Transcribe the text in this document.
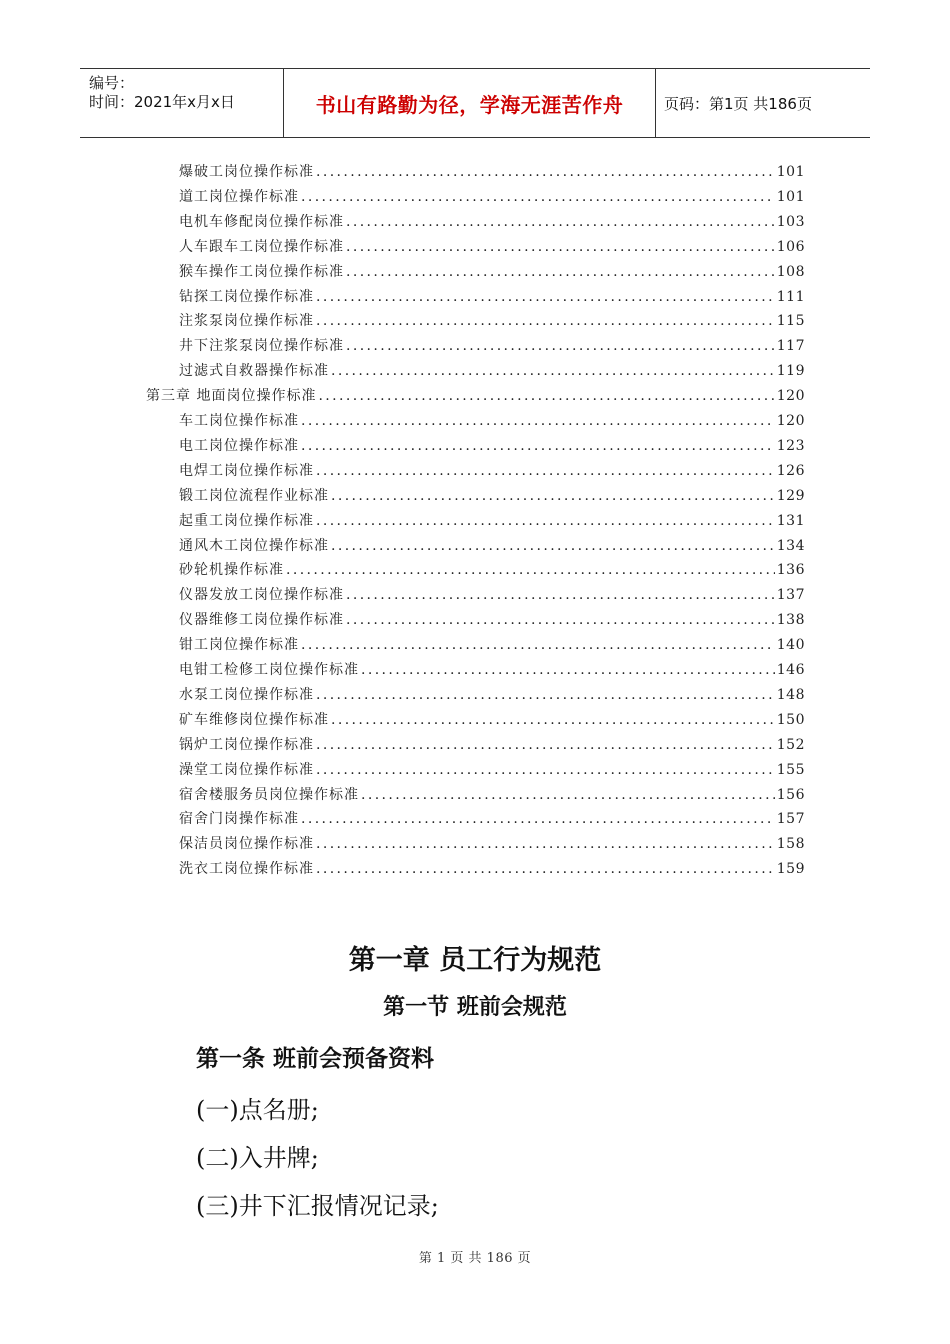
编号：
时间：2021年x月x日	书山有路勤为径，学海无涯苦作舟	页码：第1页 共186页
爆破工岗位操作标准 .....	101
道工岗位操作标准 .....	101
电机车修配岗位操作标准 .....	103
人车跟车工岗位操作标准 .....	106
猴车操作工岗位操作标准 .....	108
钻探工岗位操作标准 .....	111
注浆泵岗位操作标准 .....	115
井下注浆泵岗位操作标准 .....	117
过滤式自救器操作标准 .....	119
第三章 地面岗位操作标准 .....	120
车工岗位操作标准 .....	120
电工岗位操作标准 .....	123
电焊工岗位操作标准 .....	126
锻工岗位流程作业标准 .....	129
起重工岗位操作标准 .....	131
通风木工岗位操作标准 .....	134
砂轮机操作标准 .....	136
仪器发放工岗位操作标准 .....	137
仪器维修工岗位操作标准 .....	138
钳工岗位操作标准 .....	140
电钳工检修工岗位操作标准 .....	146
水泵工岗位操作标准 .....	148
矿车维修岗位操作标准 .....	150
锅炉工岗位操作标准 .....	152
澡堂工岗位操作标准 .....	155
宿舍楼服务员岗位操作标准 .....	156
宿舍门岗操作标准 .....	157
保洁员岗位操作标准 .....	158
洗衣工岗位操作标准 .....	159
第一章 员工行为规范
第一节 班前会规范
第一条 班前会预备资料
(一)点名册;
(二)入井牌;
(三)井下汇报情况记录;
第 1 页 共 186 页
